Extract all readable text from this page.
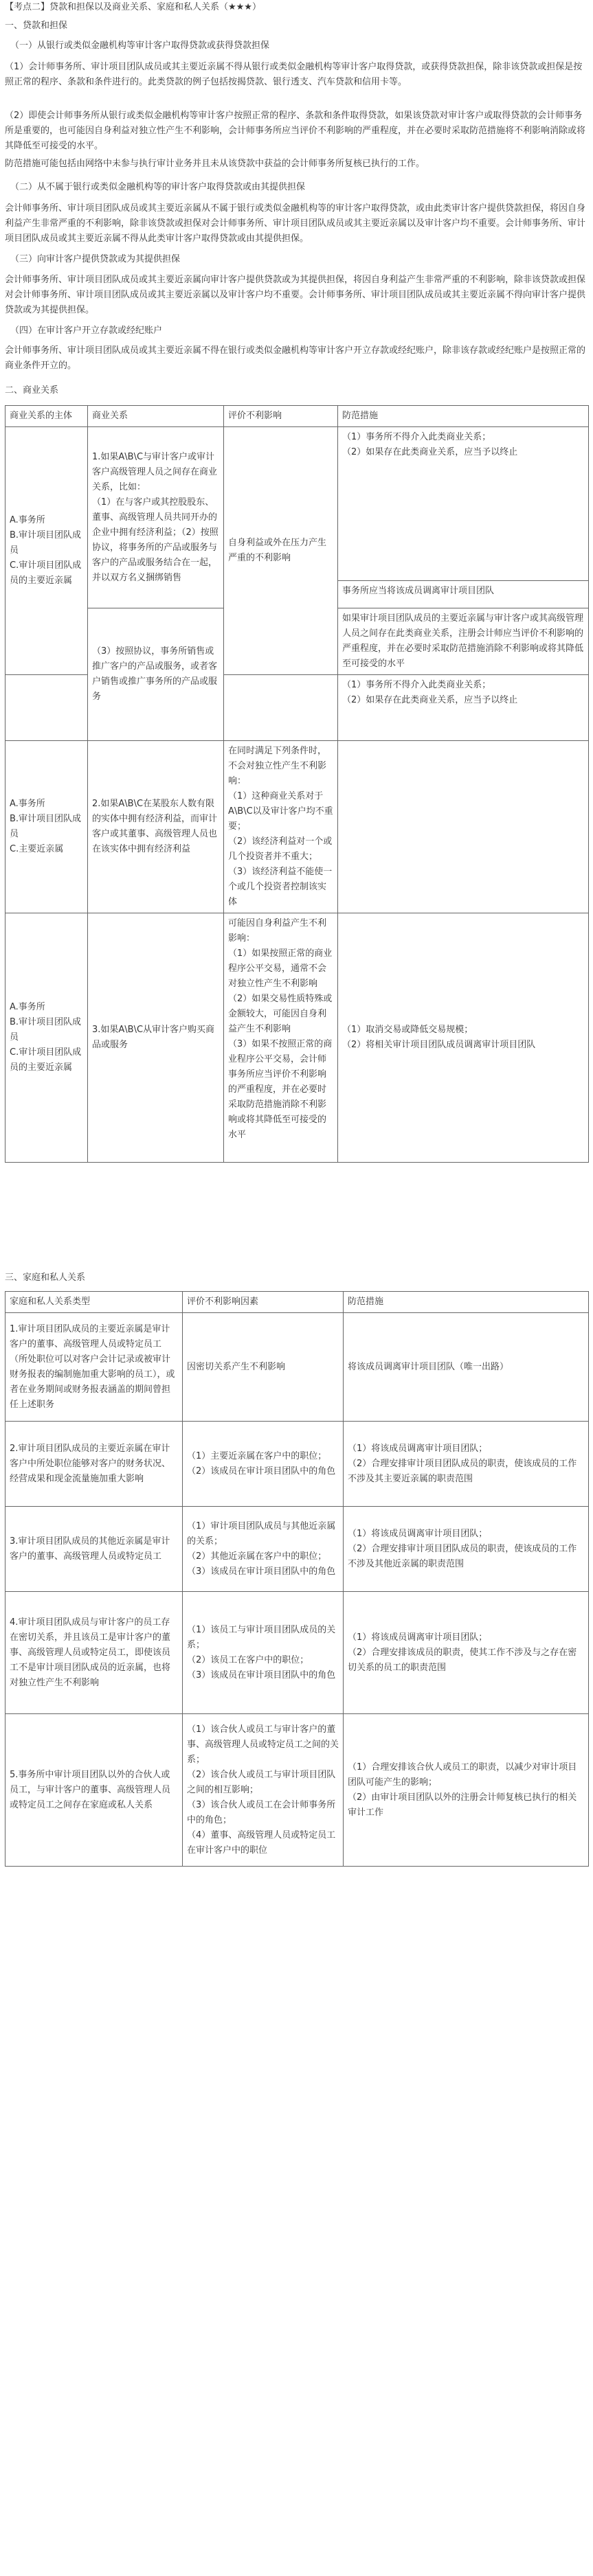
【考点二】贷款和担保以及商业关系、家庭和私人关系（★★★）

一、贷款和担保

（一）从银行或类似金融机构等审计客户取得贷款或获得贷款担保

（1）会计师事务所、审计项目团队成员或其主要近亲属不得从银行或类似金融机构等审计客户取得贷款，或获得贷款担保，除非该贷款或担保是按照正常的程序、条款和条件进行的。此类贷款的例子包括按揭贷款、银行透支、汽车贷款和信用卡等。

（2）即使会计师事务所从银行或类似金融机构等审计客户按照正常的程序、条款和条件取得贷款，如果该贷款对审计客户或取得贷款的会计师事务所是重要的，也可能因自身利益对独立性产生不利影响，会计师事务所应当评价不利影响的严重程度，并在必要时采取防范措施将不利影响消除或将其降低至可接受的水平。

防范措施可能包括由网络中未参与执行审计业务并且未从该贷款中获益的会计师事务所复核已执行的工作。

（二）从不属于银行或类似金融机构等的审计客户取得贷款或由其提供担保

会计师事务所、审计项目团队成员或其主要近亲属从不属于银行或类似金融机构等的审计客户取得贷款，或由此类审计客户提供贷款担保，将因自身利益产生非常严重的不利影响，除非该贷款或担保对会计师事务所、审计项目团队成员或其主要近亲属以及审计客户均不重要。会计师事务所、审计项目团队成员或其主要近亲属不得从此类审计客户取得贷款或由其提供担保。

（三）向审计客户提供贷款或为其提供担保

会计师事务所、审计项目团队成员或其主要近亲属向审计客户提供贷款或为其提供担保，将因自身利益产生非常严重的不利影响，除非该贷款或担保对会计师事务所、审计项目团队成员或其主要近亲属以及审计客户均不重要。会计师事务所、审计项目团队成员或其主要近亲属不得向审计客户提供贷款或为其提供担保。

（四）在审计客户开立存款或经纪账户

会计师事务所、审计项目团队成员或其主要近亲属不得在银行或类似金融机构等审计客户开立存款或经纪账户，除非该存款或经纪账户是按照正常的商业条件开立的。

二、商业关系

商业关系的主体	商业关系	评价不利影响	防范措施

A.事务所
B.审计项目团队成员
C.审计项目团队成员的主要近亲属	1.如果A\B\C与审计客户或审计客户高级管理人员之间存在商业关系，比如：
（1）在与客户或其控股股东、董事、高级管理人员共同开办的企业中拥有经济利益；（2）按照协议，将事务所的产品或服务与客户的产品或服务结合在一起，并以双方名义捆绑销售	自身利益或外在压力产生严重的不利影响	（1）事务所不得介入此类商业关系；
（2）如果存在此类商业关系，应当予以终止

			事务所应当将该成员调离审计项目团队

	（3）按照协议，事务所销售或推广客户的产品或服务，或者客户销售或推广事务所的产品或服务		如果审计项目团队成员的主要近亲属与审计客户或其高级管理人员之间存在此类商业关系，注册会计师应当评价不利影响的严重程度，并在必要时采取防范措施消除不利影响或将其降低至可接受的水平

			（1）事务所不得介入此类商业关系；
（2）如果存在此类商业关系，应当予以终止

A.事务所
B.审计项目团队成员
C.主要近亲属	2.如果A\B\C在某股东人数有限的实体中拥有经济利益，而审计客户或其董事、高级管理人员也在该实体中拥有经济利益	在同时满足下列条件时，不会对独立性产生不利影响：
（1）这种商业关系对于A\B\C以及审计客户均不重要；
（2）该经济利益对一个或几个投资者并不重大；
（3）该经济利益不能使一个或几个投资者控制该实体	

A.事务所
B.审计项目团队成员
C.审计项目团队成员的主要近亲属	3.如果A\B\C从审计客户购买商品或服务	可能因自身利益产生不利影响：
（1）如果按照正常的商业程序公平交易，通常不会对独立性产生不利影响
（2）如果交易性质特殊或金额较大，可能因自身利益产生不利影响
（3）如果不按照正常的商业程序公平交易，会计师事务所应当评价不利影响的严重程度，并在必要时采取防范措施消除不利影响或将其降低至可接受的水平	（1）取消交易或降低交易规模；
（2）将相关审计项目团队成员调离审计项目团队

三、家庭和私人关系

家庭和私人关系类型	评价不利影响因素	防范措施

1.审计项目团队成员的主要近亲属是审计客户的董事、高级管理人员或特定员工（所处职位可以对客户会计记录或被审计财务报表的编制施加重大影响的员工），或者在业务期间或财务报表涵盖的期间曾担任上述职务	因密切关系产生不利影响	将该成员调离审计项目团队（唯一出路）

2.审计项目团队成员的主要近亲属在审计客户中所处职位能够对客户的财务状况、经营成果和现金流量施加重大影响	（1）主要近亲属在客户中的职位；
（2）该成员在审计项目团队中的角色	（1）将该成员调离审计项目团队；
（2）合理安排审计项目团队成员的职责，使该成员的工作不涉及其主要近亲属的职责范围

3.审计项目团队成员的其他近亲属是审计客户的董事、高级管理人员或特定员工	（1）审计项目团队成员与其他近亲属的关系；
（2）其他近亲属在客户中的职位；
（3）该成员在审计项目团队中的角色	（1）将该成员调离审计项目团队；
（2）合理安排审计项目团队成员的职责，使该成员的工作不涉及其他近亲属的职责范围

4.审计项目团队成员与审计客户的员工存在密切关系，并且该员工是审计客户的董事、高级管理人员或特定员工，即使该员工不是审计项目团队成员的近亲属，也将对独立性产生不利影响	（1）该员工与审计项目团队成员的关系；
（2）该员工在客户中的职位；
（3）该成员在审计项目团队中的角色	（1）将该成员调离审计项目团队；
（2）合理安排该成员的职责，使其工作不涉及与之存在密切关系的员工的职责范围

5.事务所中审计项目团队以外的合伙人或员工，与审计客户的董事、高级管理人员或特定员工之间存在家庭或私人关系	（1）该合伙人或员工与审计客户的董事、高级管理人员或特定员工之间的关系；
（2）该合伙人或员工与审计项目团队之间的相互影响；
（3）该合伙人或员工在会计师事务所中的角色；
（4）董事、高级管理人员或特定员工在审计客户中的职位	（1）合理安排该合伙人或员工的职责，以减少对审计项目团队可能产生的影响；
（2）由审计项目团队以外的注册会计师复核已执行的相关审计工作
